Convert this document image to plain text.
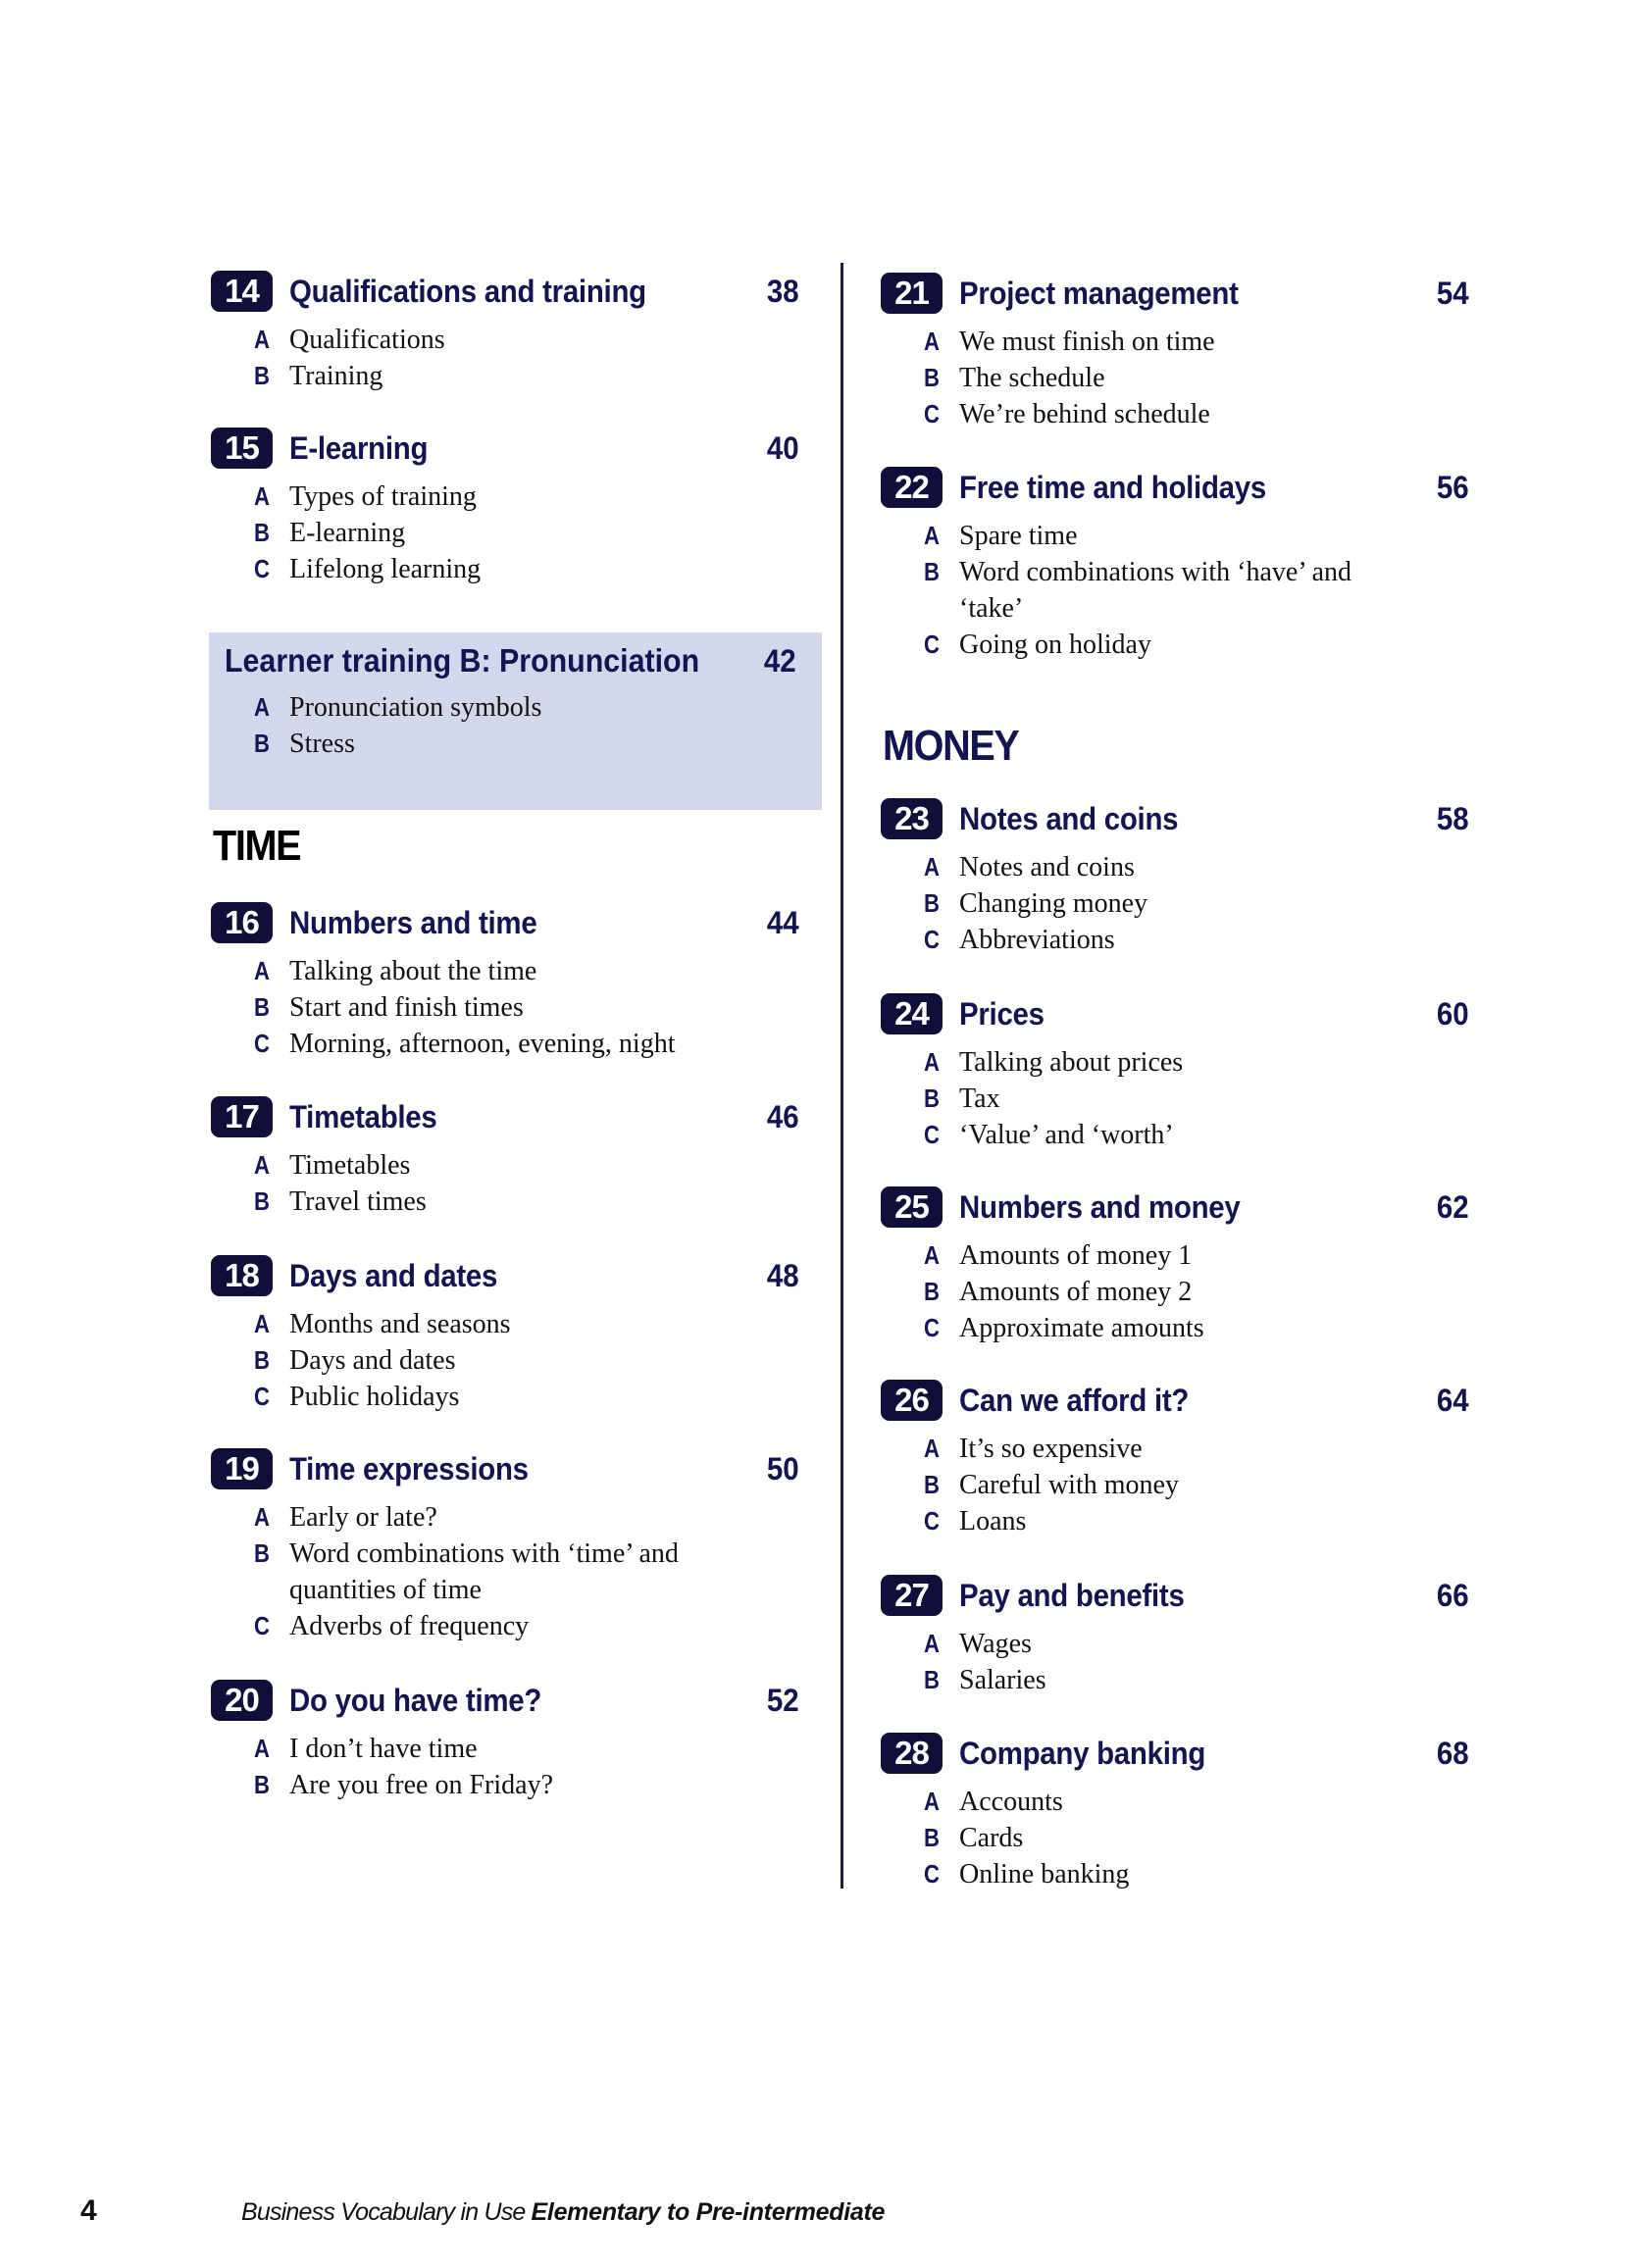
14 Qualifications and training	38
A Qualifications
B Training
15 E-learning	40
A Types of training
B E-learning
C Lifelong learning
Learner training B: Pronunciation 42
A Pronunciation symbols
B Stress
TIME
16 Numbers and time	44
A Talking about the time
B Start and finish times
C Morning, afternoon, evening, night
17 Timetables	46
A Timetables
B Travel times
18 Days and dates	48
A Months and seasons
B Days and dates
C Public holidays
19 Time expressions	50
A Early or late?
B Word combinations with ‘time’ and quantities of time
C Adverbs of frequency
20 Do you have time?	52
A I don’t have time
B Are you free on Friday?
21 Project management	54
A We must finish on time
B The schedule
C We’re behind schedule
22 Free time and holidays	56
A Spare time
B Word combinations with ‘have’ and ‘take’
C Going on holiday
MONEY
23 Notes and coins	58
A Notes and coins
B Changing money
C Abbreviations
24 Prices	60
A Talking about prices
B Tax
C ‘Value’ and ‘worth’
25 Numbers and money	62
A Amounts of money 1
B Amounts of money 2
C Approximate amounts
26 Can we afford it?	64
A It’s so expensive
B Careful with money
C Loans
27 Pay and benefits	66
A Wages
B Salaries
28 Company banking	68
A Accounts
B Cards
C Online banking
4	Business Vocabulary in Use Elementary to Pre-intermediate
